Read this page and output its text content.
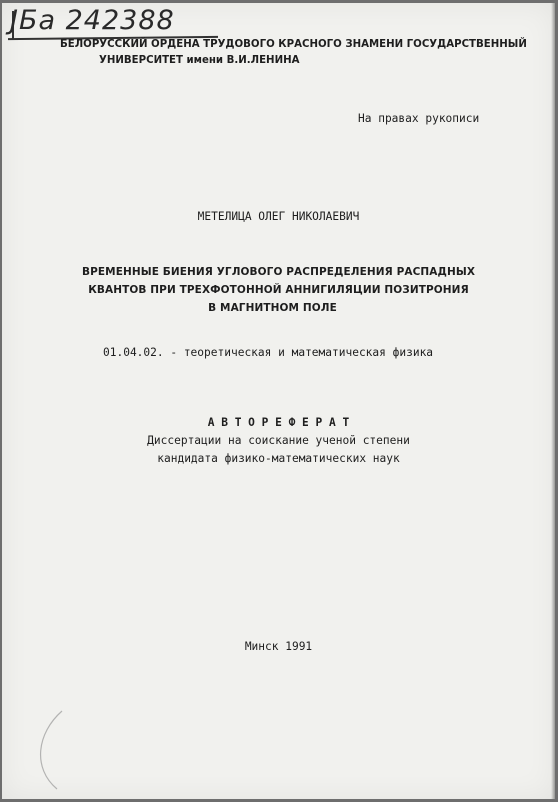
ЈБа 242388
БЕЛОРУССКИЙ ОРДЕНА ТРУДОВОГО КРАСНОГО ЗНАМЕНИ ГОСУДАРСТВЕННЫЙ
УНИВЕРСИТЕТ имени В.И.ЛЕНИНА
На правах рукописи
МЕТЕЛИЦА ОЛЕГ НИКОЛАЕВИЧ
ВРЕМЕННЫЕ БИЕНИЯ УГЛОВОГО РАСПРЕДЕЛЕНИЯ РАСПАДНЫХ
КВАНТОВ ПРИ ТРЕХФОТОННОЙ АННИГИЛЯЦИИ ПОЗИТРОНИЯ
В МАГНИТНОМ ПОЛЕ
01.04.02. - теоретическая и математическая физика
А В Т О Р Е Ф Е Р А Т
Диссертации на соискание ученой степени
кандидата физико-математических наук
Минск 1991
